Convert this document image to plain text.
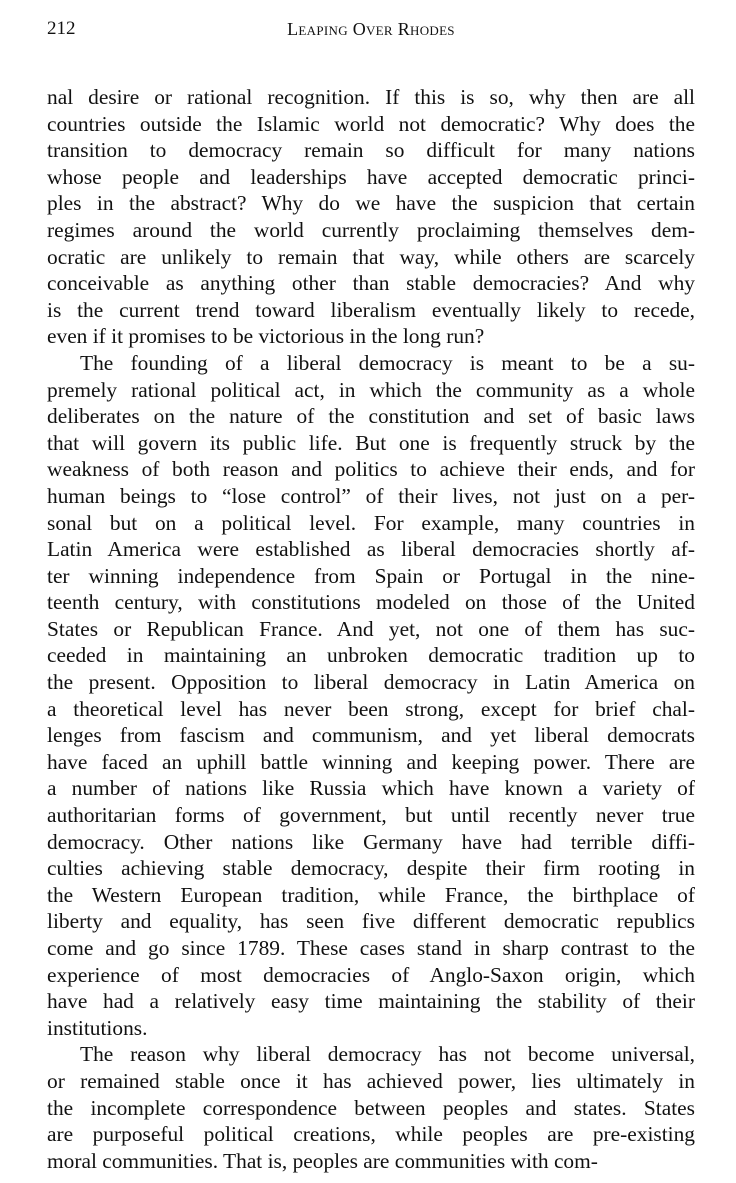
212	Leaping Over Rhodes
nal desire or rational recognition. If this is so, why then are all
countries outside the Islamic world not democratic? Why does the
transition to democracy remain so difficult for many nations
whose people and leaderships have accepted democratic princi-
ples in the abstract? Why do we have the suspicion that certain
regimes around the world currently proclaiming themselves dem-
ocratic are unlikely to remain that way, while others are scarcely
conceivable as anything other than stable democracies? And why
is the current trend toward liberalism eventually likely to recede,
even if it promises to be victorious in the long run?
The founding of a liberal democracy is meant to be a su-
premely rational political act, in which the community as a whole
deliberates on the nature of the constitution and set of basic laws
that will govern its public life. But one is frequently struck by the
weakness of both reason and politics to achieve their ends, and for
human beings to “lose control” of their lives, not just on a per-
sonal but on a political level. For example, many countries in
Latin America were established as liberal democracies shortly af-
ter winning independence from Spain or Portugal in the nine-
teenth century, with constitutions modeled on those of the United
States or Republican France. And yet, not one of them has suc-
ceeded in maintaining an unbroken democratic tradition up to
the present. Opposition to liberal democracy in Latin America on
a theoretical level has never been strong, except for brief chal-
lenges from fascism and communism, and yet liberal democrats
have faced an uphill battle winning and keeping power. There are
a number of nations like Russia which have known a variety of
authoritarian forms of government, but until recently never true
democracy. Other nations like Germany have had terrible diffi-
culties achieving stable democracy, despite their firm rooting in
the Western European tradition, while France, the birthplace of
liberty and equality, has seen five different democratic republics
come and go since 1789. These cases stand in sharp contrast to the
experience of most democracies of Anglo-Saxon origin, which
have had a relatively easy time maintaining the stability of their
institutions.
The reason why liberal democracy has not become universal,
or remained stable once it has achieved power, lies ultimately in
the incomplete correspondence between peoples and states. States
are purposeful political creations, while peoples are pre-existing
moral communities. That is, peoples are communities with com-
